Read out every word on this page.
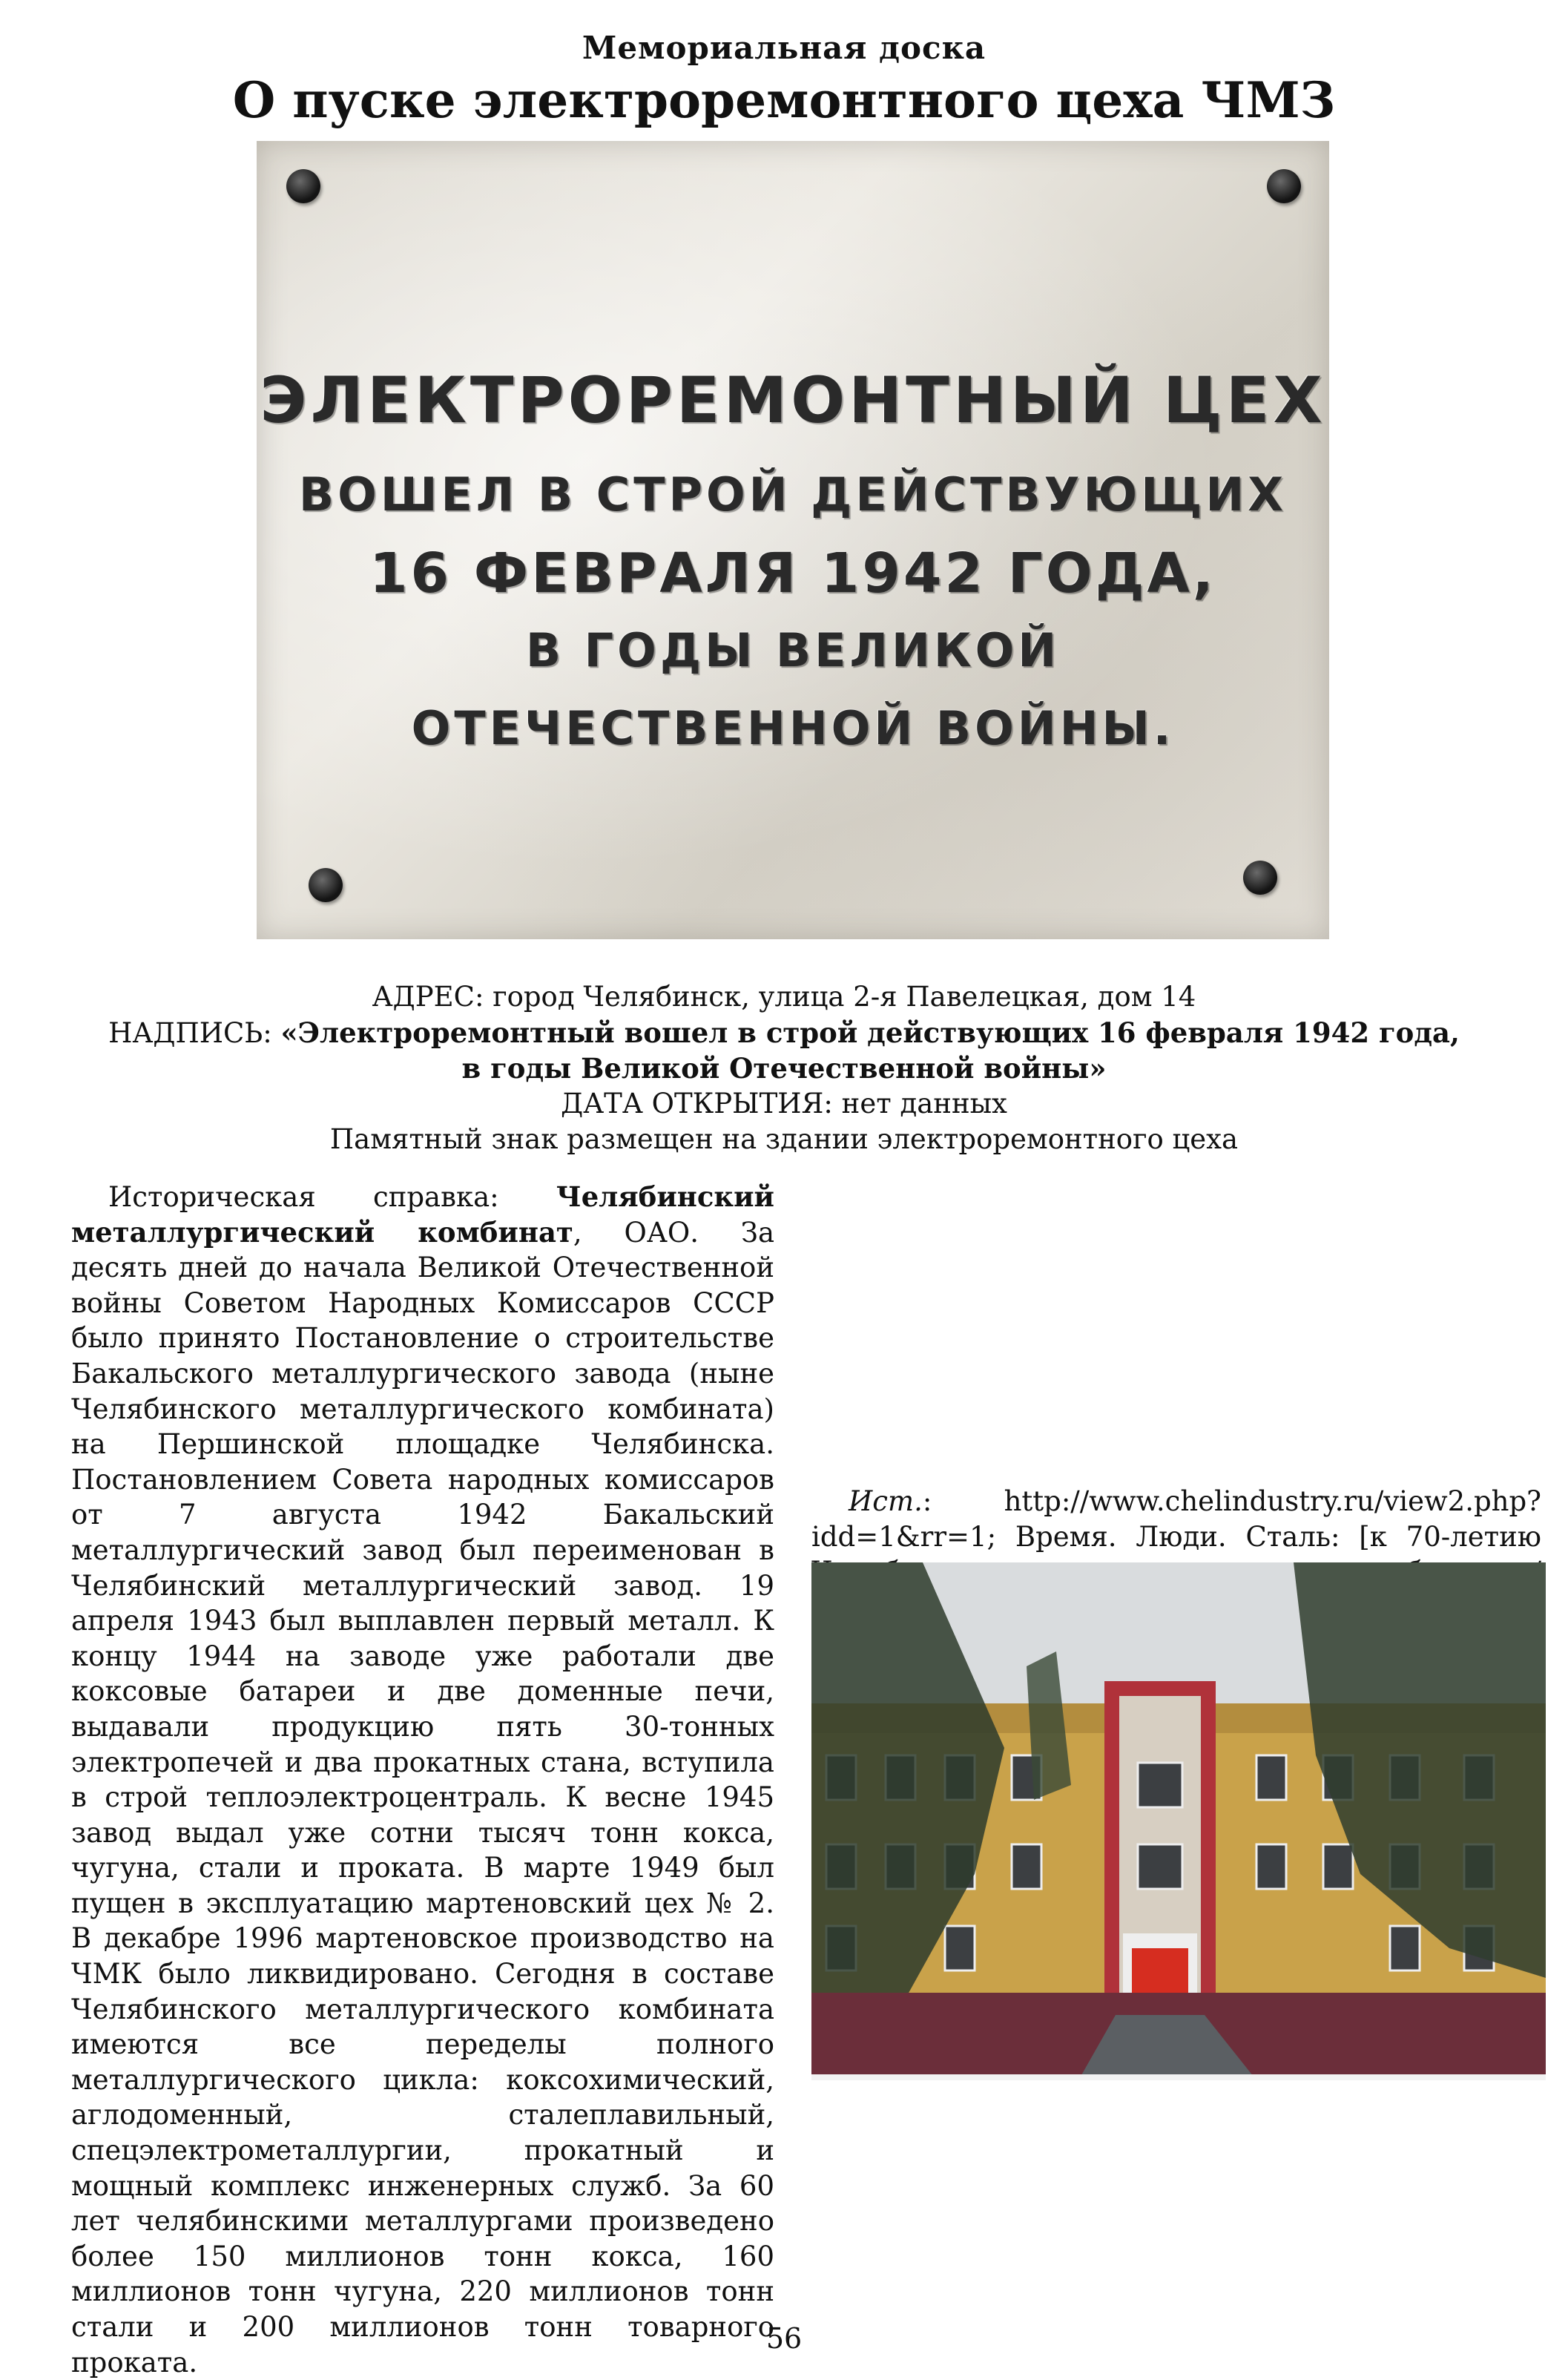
Мемориальная доска
О пуске электроремонтного цеха ЧМЗ
ЭЛЕКТРОРЕМОНТНЫЙ ЦЕХ
ВОШЕЛ В СТРОЙ ДЕЙСТВУЮЩИХ
16 ФЕВРАЛЯ 1942 ГОДА,
В ГОДЫ ВЕЛИКОЙ
ОТЕЧЕСТВЕННОЙ ВОЙНЫ.
АДРЕС: город Челябинск, улица 2-я Павелецкая, дом 14
НАДПИСЬ: «Электроремонтный вошел в строй действующих 16 февраля 1942 года,
в годы Великой Отечественной войны»
ДАТА ОТКРЫТИЯ: нет данных
Памятный знак размещен на здании электроремонтного цеха

Историческая справка: Челябинский металлургический комбинат, ОАО. За десять дней до начала Великой Отечественной войны Советом Народных Комиссаров СССР было принято Постановление о строительстве Бакальского металлургического завода (ныне Челябинского металлургического комбината) на Першинской площадке Челябинска. Постановлением Совета народных комиссаров от 7 августа 1942 Бакальский металлургический завод был переименован в Челябинский металлургический завод. 19 апреля 1943 был выплавлен первый металл. К концу 1944 на заводе уже работали две коксовые батареи и две доменные печи, выдавали продукцию пять 30-тонных электропечей и два прокатных стана, вступила в строй теплоэлектроцентраль. К весне 1945 завод выдал уже сотни тысяч тонн кокса, чугуна, стали и проката. В марте 1949 был пущен в эксплуатацию мартеновский цех № 2. В декабре 1996 мартеновское производство на ЧМК было ликвидировано. Сегодня в составе Челябинского металлургического комбината имеются все переделы полного металлургического цикла: коксохимический, аглодоменный, сталеплавильный, спецэлектрометаллургии, прокатный и мощный комплекс инженерных служб. За 60 лет челябинскими металлургами произведено более 150 миллионов тонн кокса, 160 миллионов тонн чугуна, 220 миллионов тонн стали и 200 миллионов тонн товарного проката.

Ист.: http://www.chelindustry.ru/view2.php?idd=1&rr=1; Время. Люди. Сталь: [к 70-летию

56
